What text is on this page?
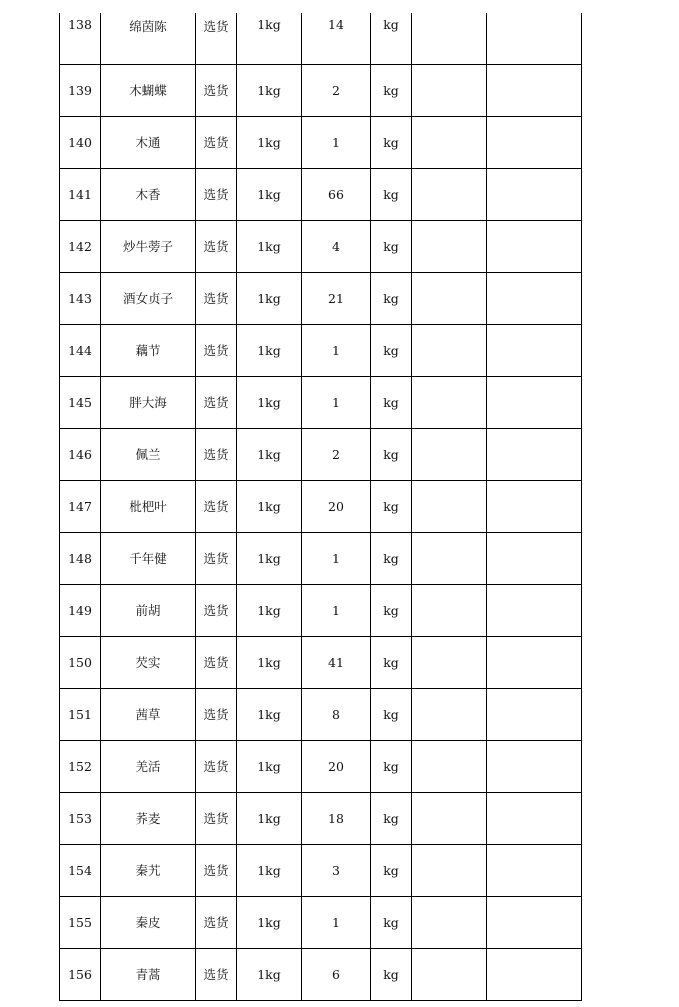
138	绵茵陈	选货	1kg	14	kg		
139	木蝴蝶	选货	1kg	2	kg		
140	木通	选货	1kg	1	kg		
141	木香	选货	1kg	66	kg		
142	炒牛蒡子	选货	1kg	4	kg		
143	酒女贞子	选货	1kg	21	kg		
144	藕节	选货	1kg	1	kg		
145	胖大海	选货	1kg	1	kg		
146	佩兰	选货	1kg	2	kg		
147	枇杷叶	选货	1kg	20	kg		
148	千年健	选货	1kg	1	kg		
149	前胡	选货	1kg	1	kg		
150	芡实	选货	1kg	41	kg		
151	茜草	选货	1kg	8	kg		
152	羌活	选货	1kg	20	kg		
153	荞麦	选货	1kg	18	kg		
154	秦艽	选货	1kg	3	kg		
155	秦皮	选货	1kg	1	kg		
156	青蒿	选货	1kg	6	kg		
